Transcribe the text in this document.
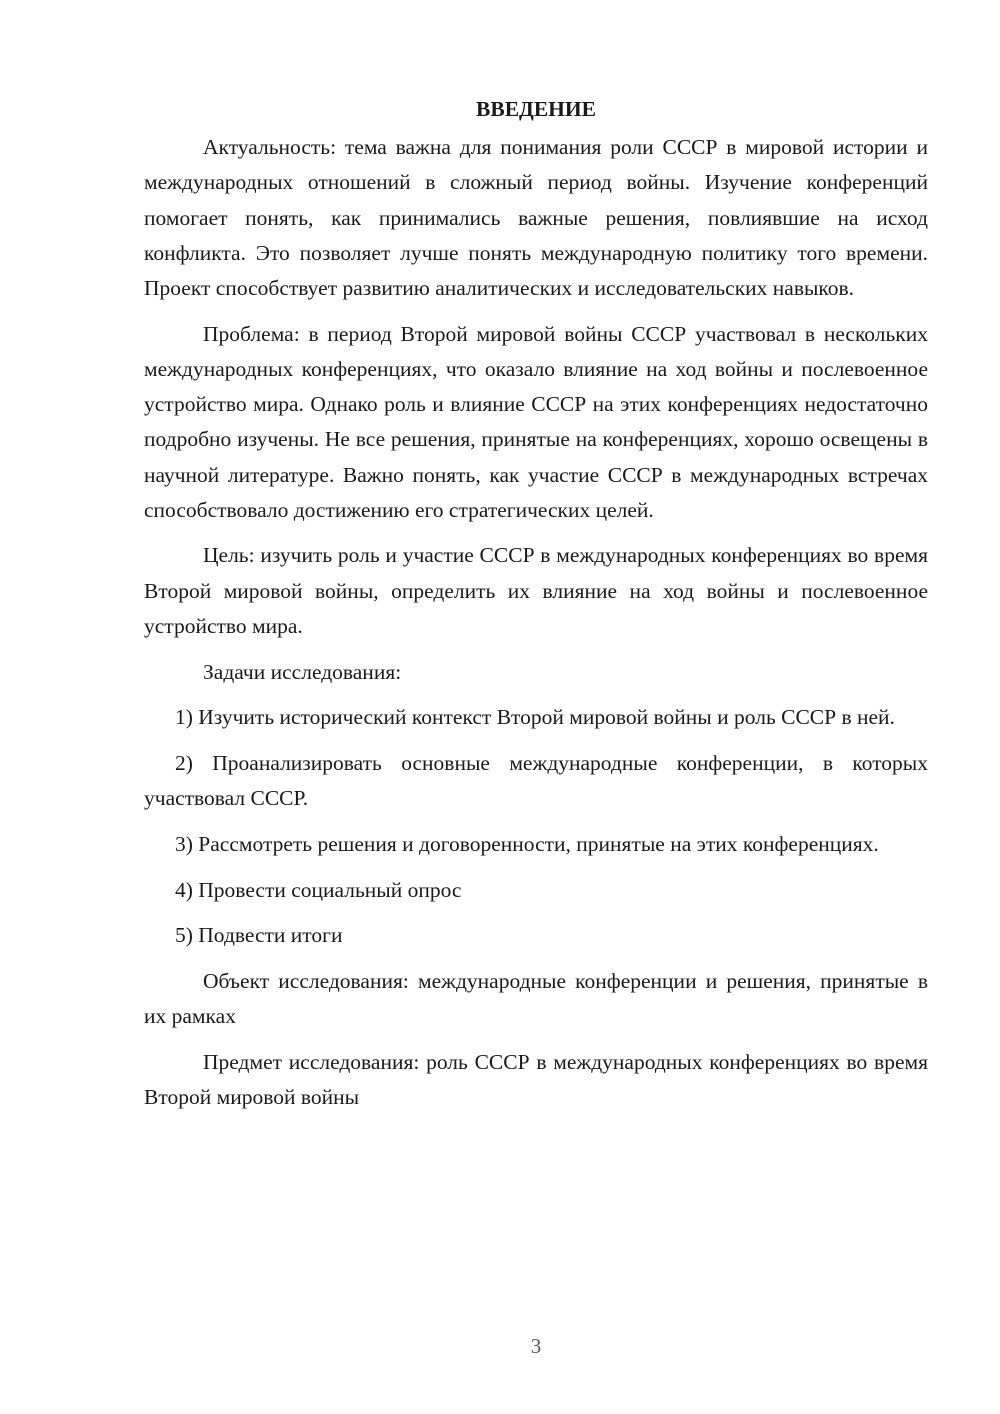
ВВЕДЕНИЕ

Актуальность: тема важна для понимания роли СССР в мировой истории и международных отношений в сложный период войны. Изучение конференций помогает понять, как принимались важные решения, повлиявшие на исход конфликта. Это позволяет лучше понять международную политику того времени. Проект способствует развитию аналитических и исследовательских навыков.

Проблема: в период Второй мировой войны СССР участвовал в нескольких международных конференциях, что оказало влияние на ход войны и послевоенное устройство мира. Однако роль и влияние СССР на этих конференциях недостаточно подробно изучены. Не все решения, принятые на конференциях, хорошо освещены в научной литературе. Важно понять, как участие СССР в международных встречах способствовало достижению его стратегических целей.

Цель: изучить роль и участие СССР в международных конференциях во время Второй мировой войны, определить их влияние на ход войны и послевоенное устройство мира.

Задачи исследования:

1) Изучить исторический контекст Второй мировой войны и роль СССР в ней.

2) Проанализировать основные международные конференции, в которых участвовал СССР.

3) Рассмотреть решения и договоренности, принятые на этих конференциях.

4) Провести социальный опрос

5) Подвести итоги

Объект исследования: международные конференции и решения, принятые в их рамках

Предмет исследования: роль СССР в международных конференциях во время Второй мировой войны

3
